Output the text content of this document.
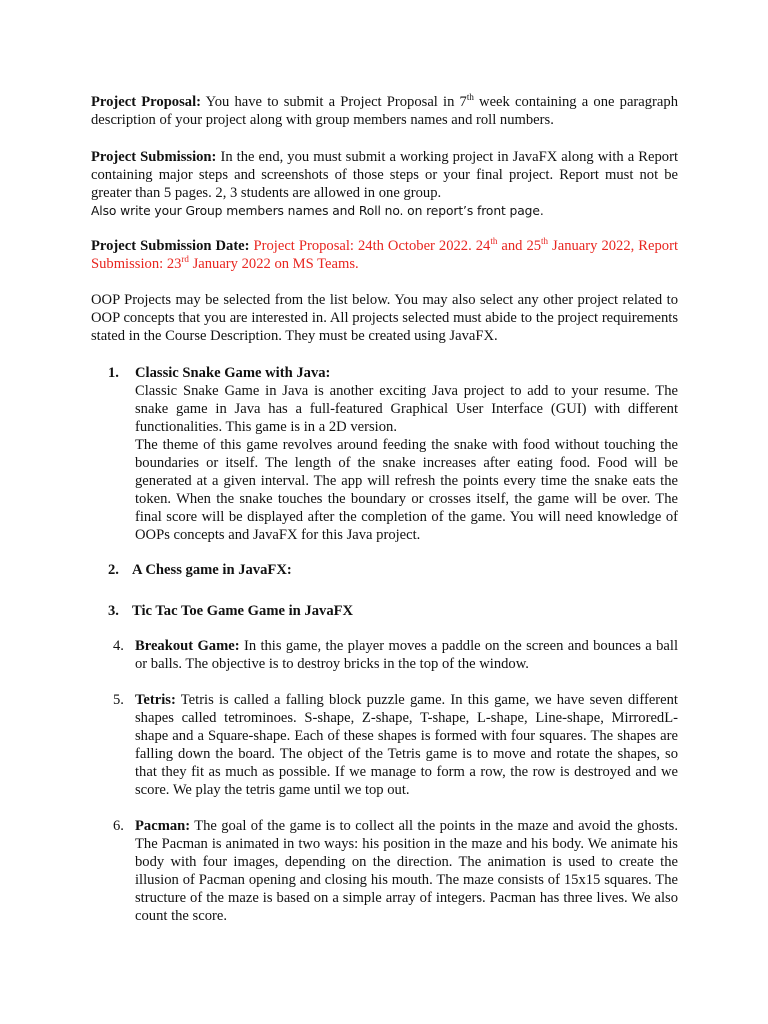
Project Proposal: You have to submit a Project Proposal in 7th week containing a one paragraph description of your project along with group members names and roll numbers.
Project Submission: In the end, you must submit a working project in JavaFX along with a Report containing major steps and screenshots of those steps or your final project. Report must not be greater than 5 pages. 2, 3 students are allowed in one group.
Also write your Group members names and Roll no. on report’s front page.
Project Submission Date: Project Proposal: 24th October 2022. 24th and 25th January 2022, Report Submission: 23rd January 2022 on MS Teams.
OOP Projects may be selected from the list below. You may also select any other project related to OOP concepts that you are interested in. All projects selected must abide to the project requirements stated in the Course Description. They must be created using JavaFX.
1.	Classic Snake Game with Java:
Classic Snake Game in Java is another exciting Java project to add to your resume. The snake game in Java has a full-featured Graphical User Interface (GUI) with different functionalities. This game is in a 2D version.
The theme of this game revolves around feeding the snake with food without touching the boundaries or itself. The length of the snake increases after eating food. Food will be generated at a given interval. The app will refresh the points every time the snake eats the token. When the snake touches the boundary or crosses itself, the game will be over. The final score will be displayed after the completion of the game. You will need knowledge of OOPs concepts and JavaFX for this Java project.
2. A Chess game in JavaFX:
3. Tic Tac Toe Game Game in JavaFX
4. Breakout Game: In this game, the player moves a paddle on the screen and bounces a ball or balls. The objective is to destroy bricks in the top of the window.
5. Tetris: Tetris is called a falling block puzzle game. In this game, we have seven different shapes called tetrominoes. S-shape, Z-shape, T-shape, L-shape, Line-shape, MirroredL-shape and a Square-shape. Each of these shapes is formed with four squares. The shapes are falling down the board. The object of the Tetris game is to move and rotate the shapes, so that they fit as much as possible. If we manage to form a row, the row is destroyed and we score. We play the tetris game until we top out.
6. Pacman: The goal of the game is to collect all the points in the maze and avoid the ghosts. The Pacman is animated in two ways: his position in the maze and his body. We animate his body with four images, depending on the direction. The animation is used to create the illusion of Pacman opening and closing his mouth. The maze consists of 15x15 squares. The structure of the maze is based on a simple array of integers. Pacman has three lives. We also count the score.
